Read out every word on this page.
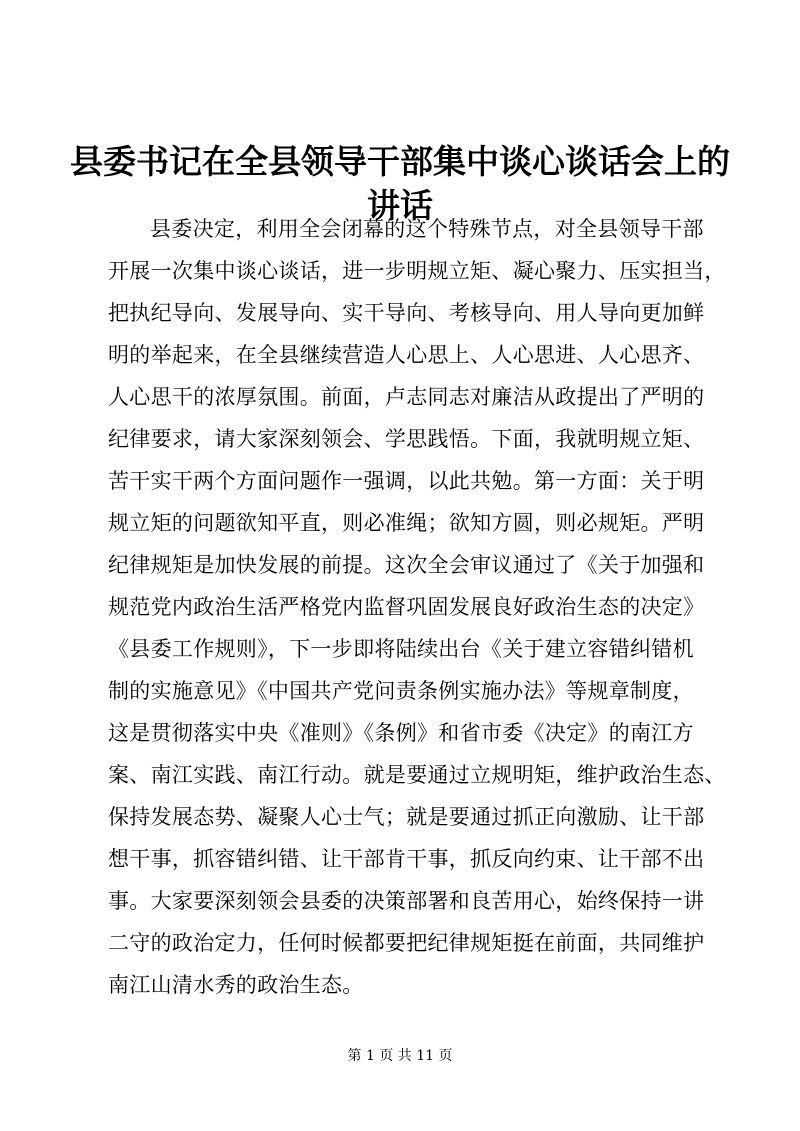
县委书记在全县领导干部集中谈心谈话会上的讲话
县委决定，利用全会闭幕的这个特殊节点，对全县领导干部
开展一次集中谈心谈话，进一步明规立矩、凝心聚力、压实担当，
把执纪导向、发展导向、实干导向、考核导向、用人导向更加鲜
明的举起来，在全县继续营造人心思上、人心思进、人心思齐、
人心思干的浓厚氛围。前面，卢志同志对廉洁从政提出了严明的
纪律要求，请大家深刻领会、学思践悟。下面，我就明规立矩、
苦干实干两个方面问题作一强调，以此共勉。第一方面：关于明
规立矩的问题欲知平直，则必准绳；欲知方圆，则必规矩。严明
纪律规矩是加快发展的前提。这次全会审议通过了《关于加强和
规范党内政治生活严格党内监督巩固发展良好政治生态的决定》
《县委工作规则》，下一步即将陆续出台《关于建立容错纠错机
制的实施意见》《中国共产党问责条例实施办法》等规章制度，
这是贯彻落实中央《准则》《条例》和省市委《决定》的南江方
案、南江实践、南江行动。就是要通过立规明矩，维护政治生态、
保持发展态势、凝聚人心士气；就是要通过抓正向激励、让干部
想干事，抓容错纠错、让干部肯干事，抓反向约束、让干部不出
事。大家要深刻领会县委的决策部署和良苦用心，始终保持一讲
二守的政治定力，任何时候都要把纪律规矩挺在前面，共同维护
南江山清水秀的政治生态。
第 1 页 共 11 页
